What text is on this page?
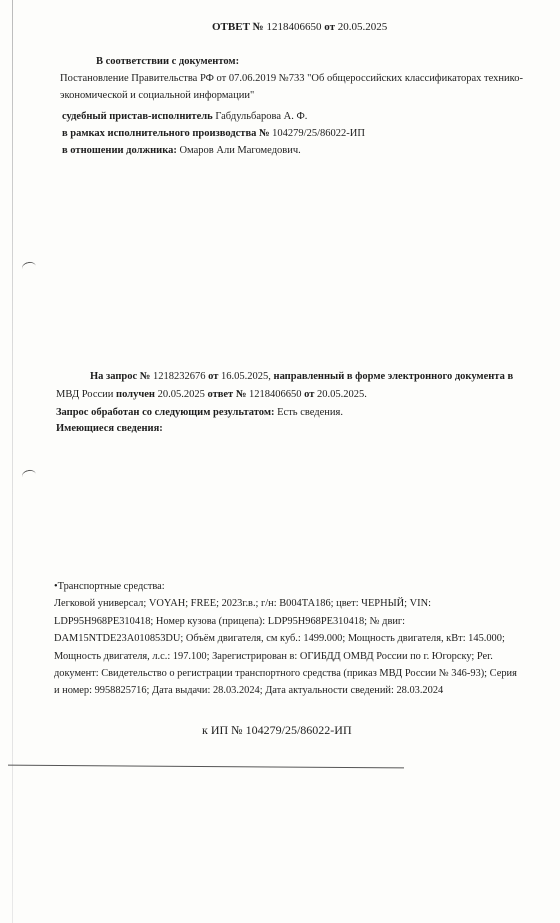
ОТВЕТ № 1218406650 от 20.05.2025
В соответствии с документом:
Постановление Правительства РФ от 07.06.2019 №733 "Об общероссийских классификаторах технико-
экономической и социальной информации"
судебный пристав-исполнитель Габдульбарова А. Ф.
в рамках исполнительного производства № 104279/25/86022-ИП
в отношении должника: Омаров Али Магомедович.
На запрос № 1218232676 от 16.05.2025, направленный в форме электронного документа в
МВД России получен 20.05.2025 ответ № 1218406650 от 20.05.2025.
Запрос обработан со следующим результатом: Есть сведения.
Имеющиеся сведения:
•Транспортные средства:
Легковой универсал; VOYAH; FREE; 2023г.в.; г/н: В004ТА186; цвет: ЧЕРНЫЙ; VIN:
LDP95H968PE310418; Номер кузова (прицепа): LDP95H968PE310418; № двиг:
DAM15NTDE23A010853DU; Объём двигателя, см куб.: 1499.000; Мощность двигателя, кВт: 145.000;
Мощность двигателя, л.с.: 197.100; Зарегистрирован в: ОГИБДД ОМВД России по г. Югорску; Рег.
документ: Свидетельство о регистрации транспортного средства (приказ МВД России № 346-93); Серия
и номер: 9958825716; Дата выдачи: 28.03.2024; Дата актуальности сведений: 28.03.2024
к ИП № 104279/25/86022-ИП
